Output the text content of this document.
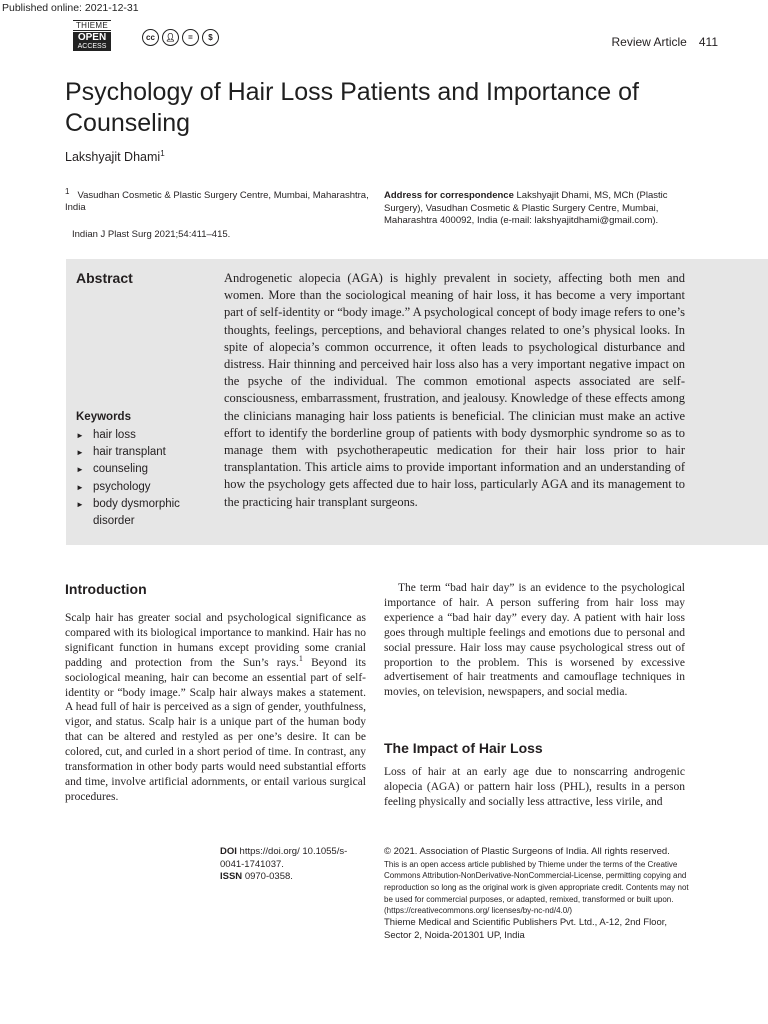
Published online: 2021-12-31
THIEME
OPEN
ACCESS
cc	👤︎	=	$	Review Article 411
Psychology of Hair Loss Patients and Importance of Counseling
Lakshyajit Dhami$^1$
$^1$ Vasudhan Cosmetic & Plastic Surgery Centre, Mumbai, Maharashtra, India
Indian J Plast Surg 2021;54:411–415.
Address for correspondence Lakshyajit Dhami, MS, MCh (Plastic Surgery), Vasudhan Cosmetic & Plastic Surgery Centre, Mumbai, Maharashtra 400092, India (e-mail: lakshyajitdhami@gmail.com).
Abstract	Androgenetic alopecia (AGA) is highly prevalent in society, affecting both men and women. More than the sociological meaning of hair loss, it has become a very important part of self-identity or “body image.” A psychological concept of body image refers to one’s thoughts, feelings, perceptions, and behavioral changes related to one’s physical looks. In spite of alopecia’s common occurrence, it often leads to psychological disturbance and distress. Hair thinning and perceived hair loss also has a very important negative impact on the psyche of the individual. The common emotional aspects associated are self-consciousness, embarrassment, frustration, and jealousy. Knowledge of these effects among the clinicians managing hair loss patients is beneficial. The clinician must make an active effort to identify the borderline group of patients with body dysmorphic syndrome so as to manage them with psychotherapeutic medication for their hair loss prior to hair transplantation. This article aims to provide important information and an understanding of how the psychology gets affected due to hair loss, particularly AGA and its management to the practicing hair transplant surgeons.
Keywords
► hair loss
► hair transplant
► counseling
► psychology
► body dysmorphic disorder
Introduction
Scalp hair has greater social and psychological significance as compared with its biological importance to mankind. Hair has no significant function in humans except providing some cranial padding and protection from the Sun’s rays.$^1$ Beyond its sociological meaning, hair can become an essential part of self-identity or “body image.” Scalp hair always makes a statement. A head full of hair is perceived as a sign of gender, youthfulness, vigor, and status. Scalp hair is a unique part of the human body that can be altered and restyled as per one’s desire. It can be colored, cut, and curled in a short period of time. In contrast, any transformation in other body parts would need substantial efforts and time, involve artificial adornments, or entail various surgical procedures.
The term “bad hair day” is an evidence to the psychological importance of hair. A person suffering from hair loss may experience a “bad hair day” every day. A patient with hair loss goes through multiple feelings and emotions due to personal and social pressure. Hair loss may cause psychological stress out of proportion to the problem. This is worsened by excessive advertisement of hair treatments and camouflage techniques in movies, on television, newspapers, and social media.
The Impact of Hair Loss
Loss of hair at an early age due to nonscarring androgenic alopecia (AGA) or pattern hair loss (PHL), results in a person feeling physically and socially less attractive, less virile, and
DOI https://doi.org/ 10.1055/s-0041-1741037.
ISSN 0970-0358.
© 2021. Association of Plastic Surgeons of India. All rights reserved.
This is an open access article published by Thieme under the terms of the Creative Commons Attribution-NonDerivative-NonCommercial-License, permitting copying and reproduction so long as the original work is given appropriate credit. Contents may not be used for commercial purposes, or adapted, remixed, transformed or built upon. (https://creativecommons.org/ licenses/by-nc-nd/4.0/)
Thieme Medical and Scientific Publishers Pvt. Ltd., A-12, 2nd Floor, Sector 2, Noida-201301 UP, India
